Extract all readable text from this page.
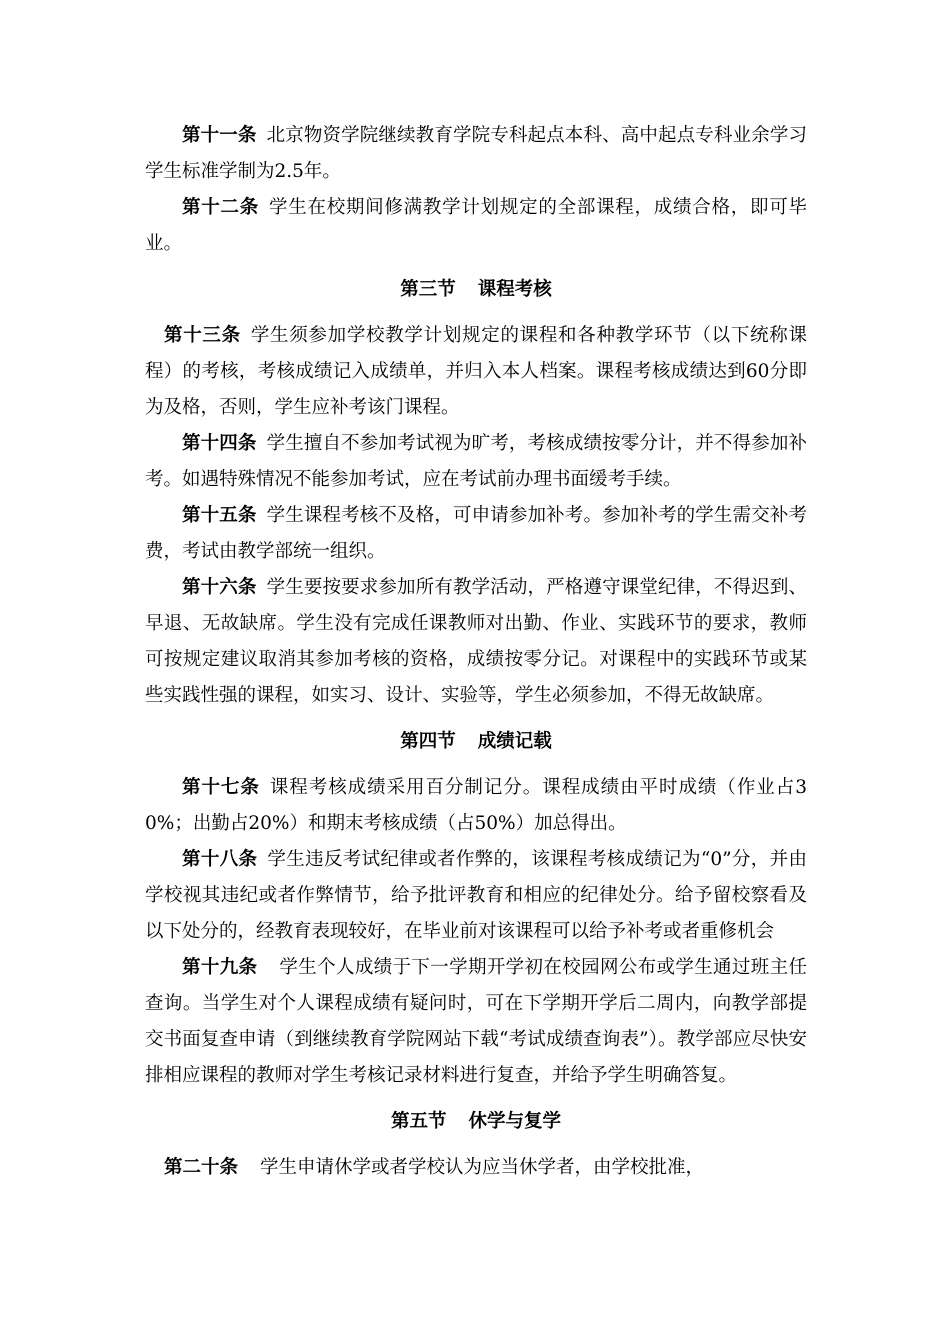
第十一条 北京物资学院继续教育学院专科起点本科、高中起点专科业余学习学生标准学制为2.5年。

第十二条 学生在校期间修满教学计划规定的全部课程，成绩合格，即可毕业。

第三节 课程考核

第十三条 学生须参加学校教学计划规定的课程和各种教学环节（以下统称课程）的考核，考核成绩记入成绩单，并归入本人档案。课程考核成绩达到60分即为及格，否则，学生应补考该门课程。

第十四条 学生擅自不参加考试视为旷考，考核成绩按零分计，并不得参加补考。如遇特殊情况不能参加考试，应在考试前办理书面缓考手续。

第十五条 学生课程考核不及格，可申请参加补考。参加补考的学生需交补考费，考试由教学部统一组织。

第十六条 学生要按要求参加所有教学活动，严格遵守课堂纪律，不得迟到、早退、无故缺席。学生没有完成任课教师对出勤、作业、实践环节的要求，教师可按规定建议取消其参加考核的资格，成绩按零分记。对课程中的实践环节或某些实践性强的课程，如实习、设计、实验等，学生必须参加，不得无故缺席。

第四节 成绩记载

第十七条 课程考核成绩采用百分制记分。课程成绩由平时成绩（作业占30%；出勤占20%）和期末考核成绩（占50%）加总得出。

第十八条 学生违反考试纪律或者作弊的，该课程考核成绩记为“0”分，并由学校视其违纪或者作弊情节，给予批评教育和相应的纪律处分。给予留校察看及以下处分的，经教育表现较好，在毕业前对该课程可以给予补考或者重修机会

第十九条 学生个人成绩于下一学期开学初在校园网公布或学生通过班主任查询。当学生对个人课程成绩有疑问时，可在下学期开学后二周内，向教学部提交书面复查申请（到继续教育学院网站下载“考试成绩查询表”）。教学部应尽快安排相应课程的教师对学生考核记录材料进行复查，并给予学生明确答复。

第五节 休学与复学

第二十条 学生申请休学或者学校认为应当休学者，由学校批准，
